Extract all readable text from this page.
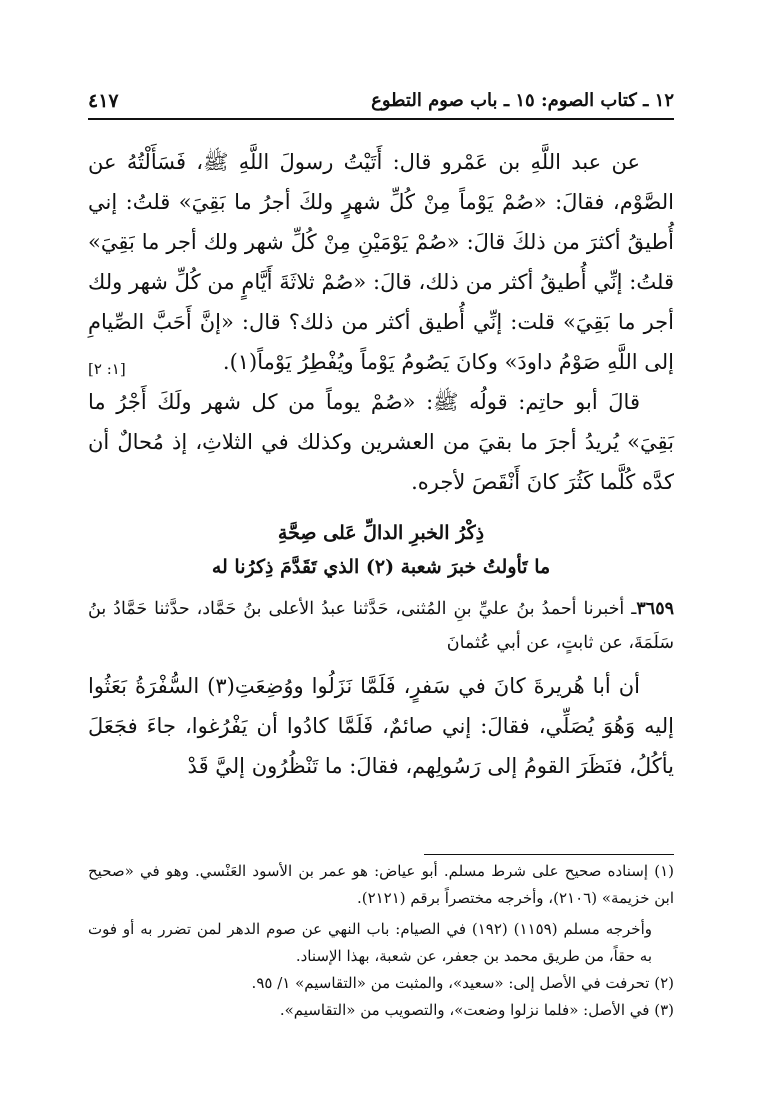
١٢ ـ كتاب الصوم: ١٥ ـ باب صوم التطوع
٤١٧

عن عبد اللَّهِ بن عَمْرو قال: أَتَيْتُ رسولَ اللَّهِ ﷺ، فَسَأَلْتُهُ عن الصَّوْم، فقالَ: «صُمْ يَوْماً مِنْ كُلِّ شهرٍ ولكَ أجرُ ما بَقِيَ» قلتُ: إني أُطيقُ أكثرَ من ذلكَ قالَ: «صُمْ يَوْمَيْنِ مِنْ كُلِّ شهر ولك أجر ما بَقِيَ» قلتُ: إنِّي أُطيقُ أكثر من ذلك، قالَ: «صُمْ ثلاثَةَ أَيَّامٍ من كُلِّ شهر ولك أجر ما بَقِيَ» قلت: إنِّي أُطيق أكثر من ذلك؟ قال: «إنَّ أَحَبَّ الصِّيامِ إلى اللَّهِ صَوْمُ داودَ» وكانَ يَصُومُ يَوْماً ويُفْطِرُ يَوْماً(١).

[١: ٢]

قالَ أبو حاتِم: قولُه ﷺ: «صُمْ يوماً من كل شهر ولَكَ أَجْرُ ما بَقِيَ» يُريدُ أجرَ ما بقيَ من العشرين وكذلك في الثلاثِ، إذ مُحالٌ أن كدَّه كُلَّما كَثُرَ كانَ أَنْقَصَ لأجره.

ذِكْرُ الخبرِ الدالِّ عَلى صِحَّةِ
ما تَأولتُ خبرَ شعبة (٢) الذي تَقَدَّمَ ذِكرُنا له

٣٦٥٩ـ أخبرنا أحمدُ بنُ عليِّ بنِ المُثنى، حَدَّثنا عبدُ الأعلى بنُ حَمَّاد، حدَّثنا حَمَّادُ بنُ سَلَمَةَ، عن ثابتٍ، عن أبي عُثمانَ

أن أبا هُريرةَ كانَ في سَفرٍ، فَلَمَّا نَزَلُوا ووُضِعَتِ(٣) السُّفْرَةُ بَعَثُوا إليه وَهُوَ يُصَلِّي، فقالَ: إني صائمٌ، فَلَمَّا كادُوا أن يَفْرُغوا، جاءَ فجَعَلَ يأكُلُ، فنَظَرَ القومُ إلى رَسُولِهم، فقالَ: ما تَنْظُرُون إليَّ قَدْ

(١) إسناده صحيح على شرط مسلم. أبو عياض: هو عمر بن الأسود العَنْسي. وهو في «صحيح ابن خزيمة» (٢١٠٦)، وأخرجه مختصراً برقم (٢١٢١).

وأخرجه مسلم (١١٥٩) (١٩٢) في الصيام: باب النهي عن صوم الدهر لمن تضرر به أو فوت به حقاً، من طريق محمد بن جعفر، عن شعبة، بهذا الإسناد.

(٢) تحرفت في الأصل إلى: «سعيد»، والمثبت من «التقاسيم» ١/ ٩٥.

(٣) في الأصل: «فلما نزلوا وضعت»، والتصويب من «التقاسيم».
